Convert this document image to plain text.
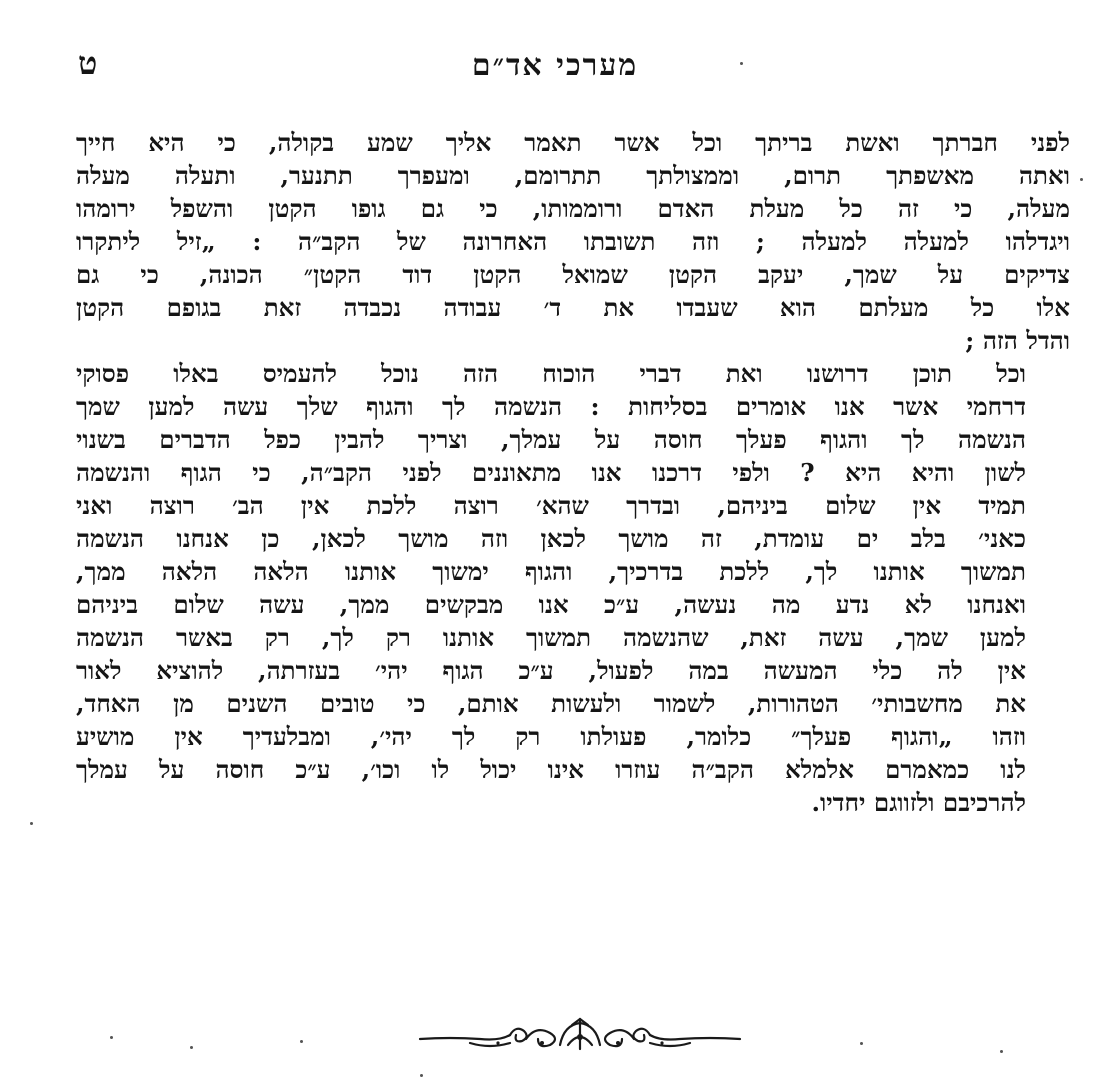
ט	מערכי אד״ם

לפני חברתך ואשת בריתך וכל אשר תאמר אליך שמע בקולה, כי היא חייך
ואתה מאשפתך תרום, וממצולתך תתרומם, ומעפרך תתנער, ותעלה מעלה
מעלה, כי זה כל מעלת האדם ורוממותו, כי גם גופו הקטן והשפל ירומהו
ויגדלהו למעלה למעלה ; וזה תשובתו האחרונה של הקב״ה : „זיל ליתקרו
צדיקים על שמך, יעקב הקטן שמואל הקטן דוד הקטן״ הכונה, כי גם
אלו כל מעלתם הוא שעבדו את ד׳ עבודה נכבדה זאת בגופם הקטן
והדל הזה ;

וכל תוכן דרושנו ואת דברי הוכוח הזה נוכל להעמיס באלו פסוקי
דרחמי אשר אנו אומרים בסליחות : הנשמה לך והגוף שלך עשה למען שמך
הנשמה לך והגוף פעלך חוסה על עמלך, וצריך להבין כפל הדברים בשנוי
לשון והיא היא ? ולפי דרכנו אנו מתאוננים לפני הקב״ה, כי הגוף והנשמה
תמיד אין שלום ביניהם, ובדרך שהא׳ רוצה ללכת אין הב׳ רוצה ואני
כאני׳ בלב ים עומדת, זה מושך לכאן וזה מושך לכאן, כן אנחנו הנשמה
תמשוך אותנו לך, ללכת בדרכיך, והגוף ימשוך אותנו הלאה הלאה ממך,
ואנחנו לא נדע מה נעשה, ע״כ אנו מבקשים ממך, עשה שלום ביניהם
למען שמך, עשה זאת, שהנשמה תמשוך אותנו רק לך, רק באשר הנשמה
אין לה כלי המעשה במה לפעול, ע״כ הגוף יהי׳ בעזרתה, להוציא לאור
את מחשבותי׳ הטהורות, לשמור ולעשות אותם, כי טובים השנים מן האחד,
וזהו „והגוף פעלך״ כלומר, פעולתו רק לך יהי׳, ומבלעדיך אין מושיע
לנו כמאמרם אלמלא הקב״ה עוזרו אינו יכול לו וכו׳, ע״כ חוסה על עמלך
להרכיבם ולזווגם יחדיו.
